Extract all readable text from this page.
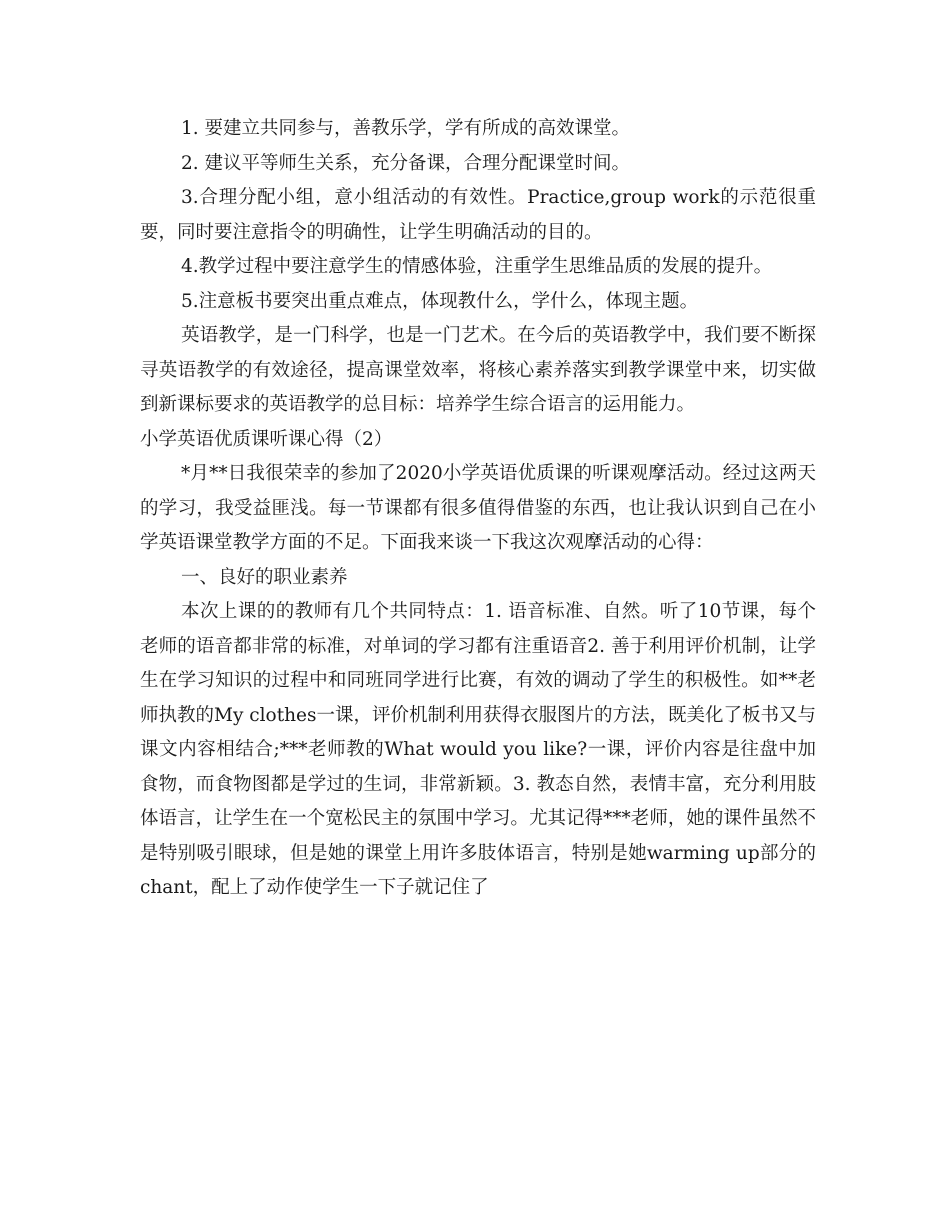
1. 要建立共同参与，善教乐学，学有所成的高效课堂。

2. 建议平等师生关系，充分备课，合理分配课堂时间。

3.合理分配小组，意小组活动的有效性。Practice,group work的示范很重要，同时要注意指令的明确性，让学生明确活动的目的。

4.教学过程中要注意学生的情感体验，注重学生思维品质的发展的提升。

5.注意板书要突出重点难点，体现教什么，学什么，体现主题。

英语教学，是一门科学，也是一门艺术。在今后的英语教学中，我们要不断探寻英语教学的有效途径，提高课堂效率，将核心素养落实到教学课堂中来，切实做到新课标要求的英语教学的总目标：培养学生综合语言的运用能力。

小学英语优质课听课心得（2）

*月**日我很荣幸的参加了2020小学英语优质课的听课观摩活动。经过这两天的学习，我受益匪浅。每一节课都有很多值得借鉴的东西，也让我认识到自己在小学英语课堂教学方面的不足。下面我来谈一下我这次观摩活动的心得：

一、良好的职业素养

本次上课的的教师有几个共同特点：1. 语音标准、自然。听了10节课，每个老师的语音都非常的标准，对单词的学习都有注重语音2. 善于利用评价机制，让学生在学习知识的过程中和同班同学进行比赛，有效的调动了学生的积极性。如**老师执教的My clothes一课，评价机制利用获得衣服图片的方法，既美化了板书又与课文内容相结合;***老师教的What would you like?一课，评价内容是往盘中加食物，而食物图都是学过的生词，非常新颖。3. 教态自然，表情丰富，充分利用肢体语言，让学生在一个宽松民主的氛围中学习。尤其记得***老师，她的课件虽然不是特别吸引眼球，但是她的课堂上用许多肢体语言，特别是她warming up部分的chant，配上了动作使学生一下子就记住了
